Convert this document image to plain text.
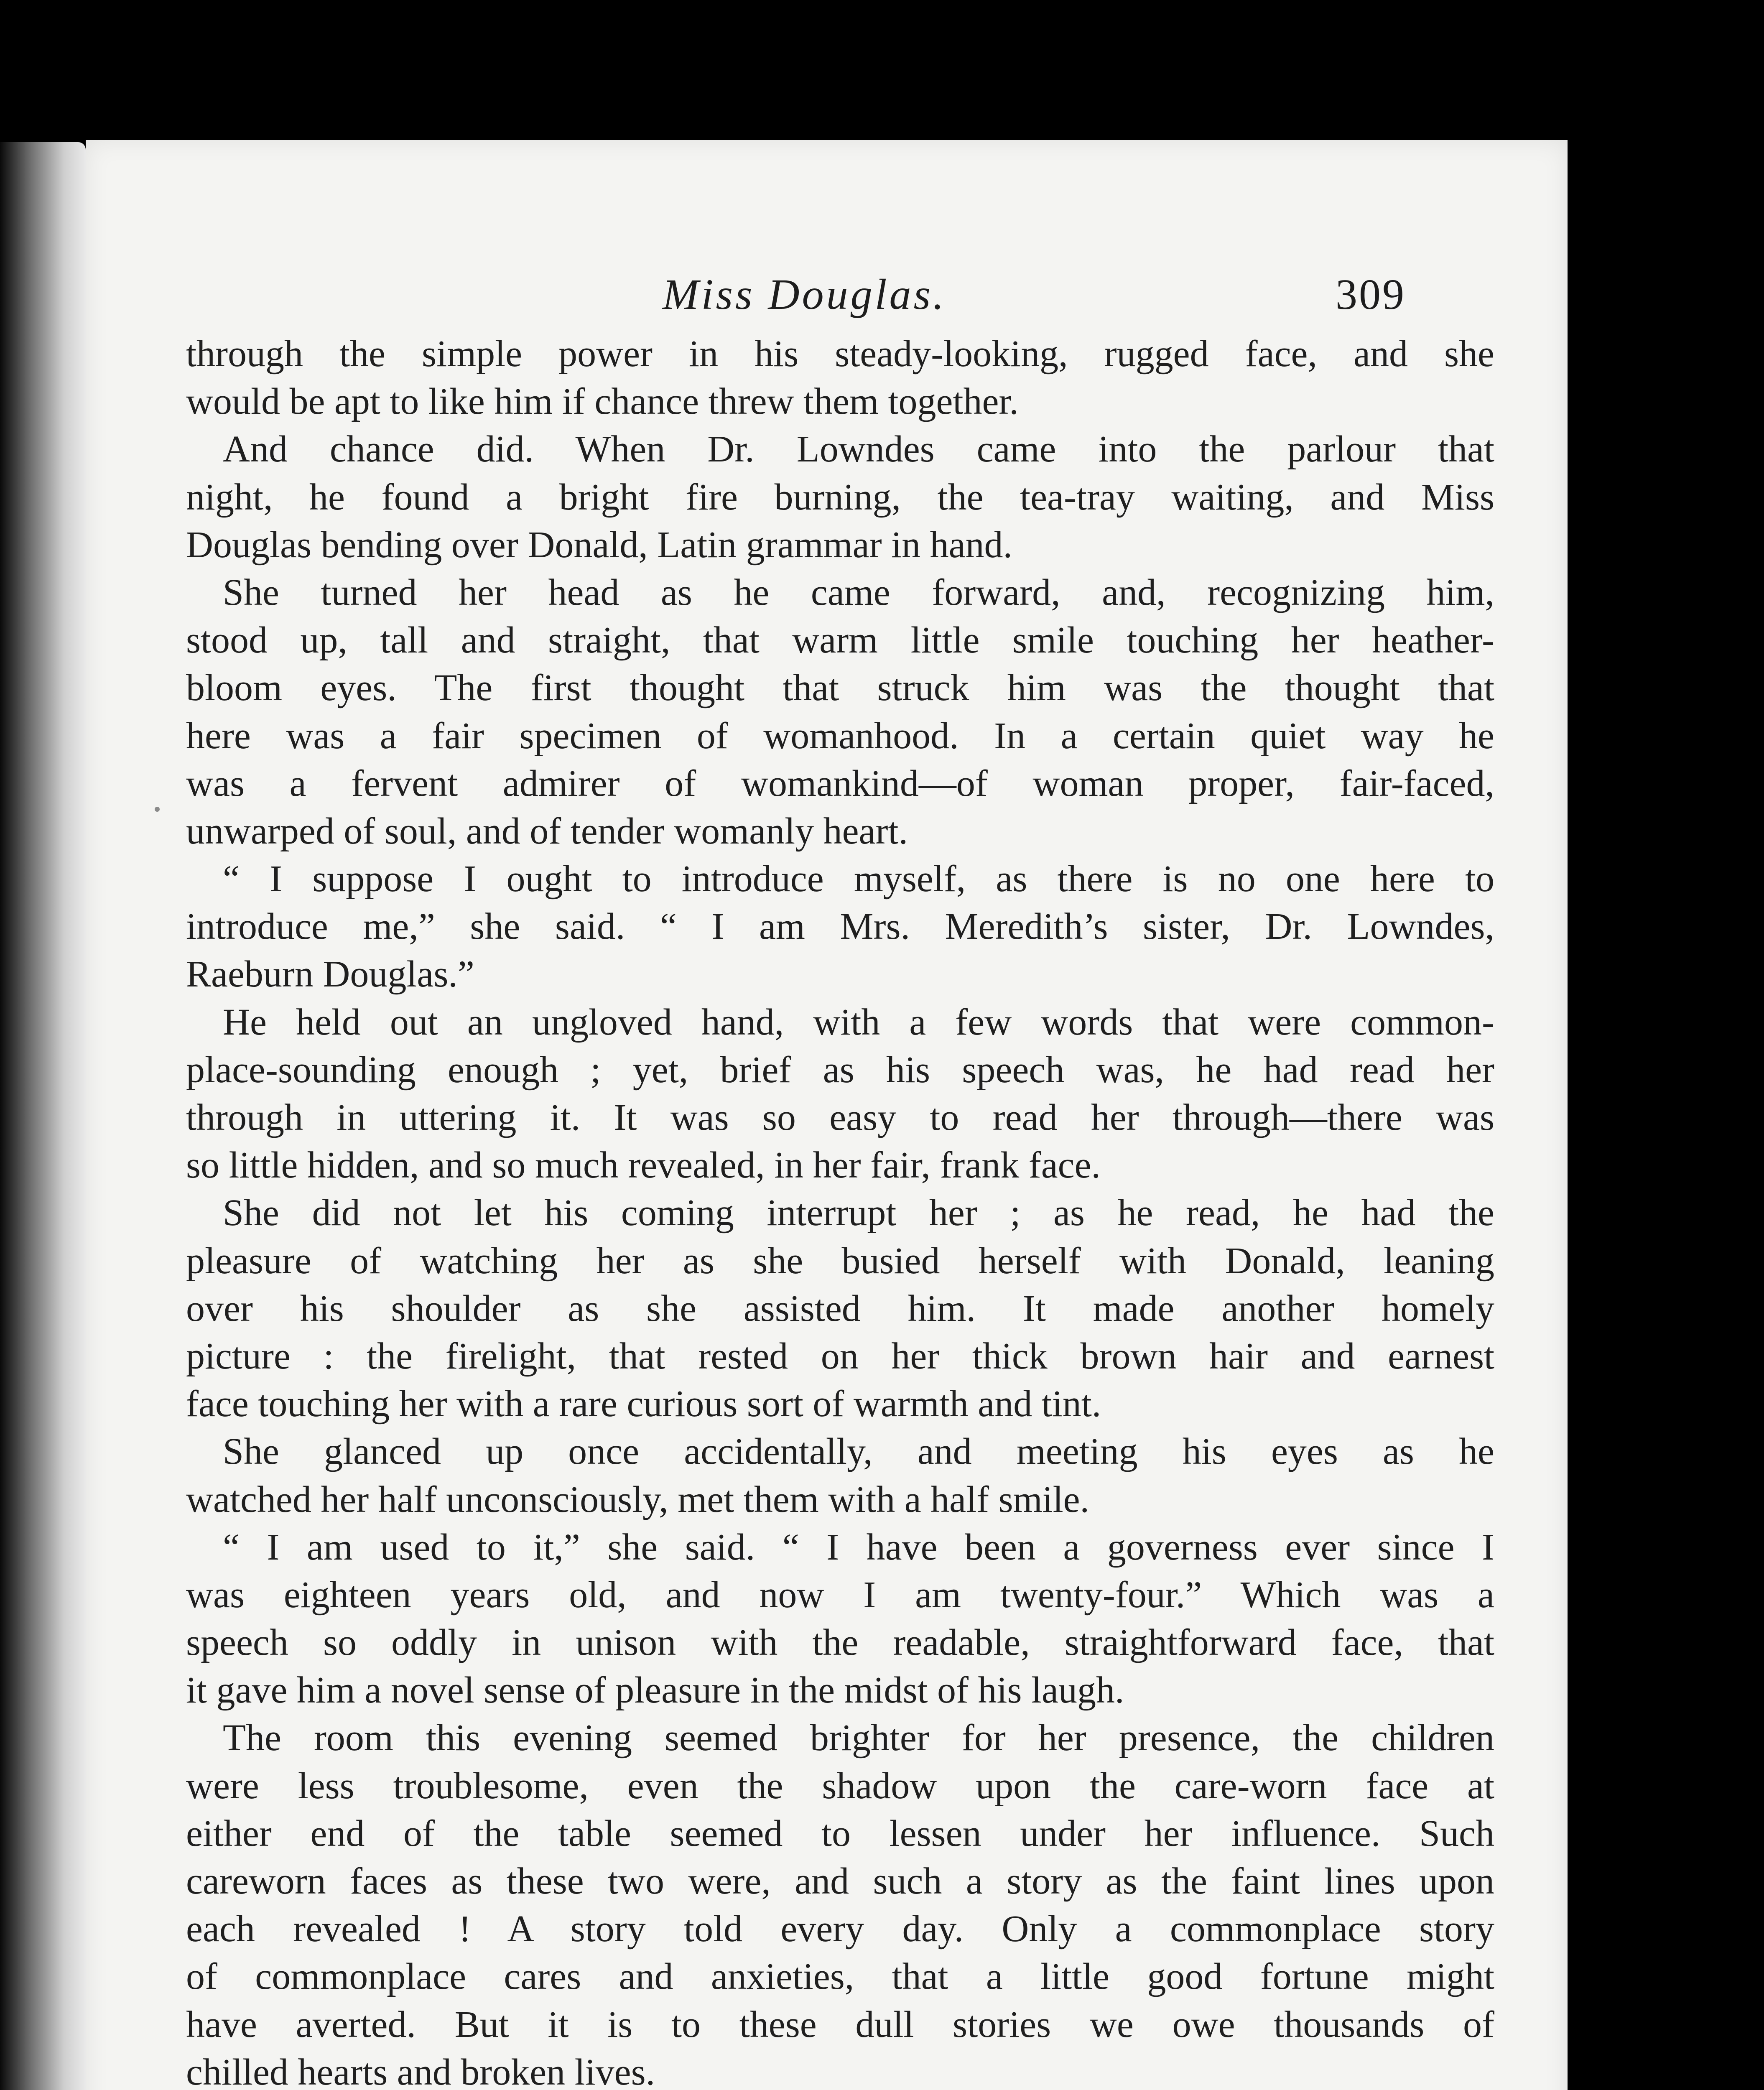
Miss Douglas.	309
through the simple power in his steady-looking, rugged face, and she
would be apt to like him if chance threw them together.
And chance did. When Dr. Lowndes came into the parlour that
night, he found a bright fire burning, the tea-tray waiting, and Miss
Douglas bending over Donald, Latin grammar in hand.
She turned her head as he came forward, and, recognizing him,
stood up, tall and straight, that warm little smile touching her heather-
bloom eyes. The first thought that struck him was the thought that
here was a fair specimen of womanhood. In a certain quiet way he
was a fervent admirer of womankind—of woman proper, fair-faced,
unwarped of soul, and of tender womanly heart.
“ I suppose I ought to introduce myself, as there is no one here to
introduce me,” she said. “ I am Mrs. Meredith’s sister, Dr. Lowndes,
Raeburn Douglas.”
He held out an ungloved hand, with a few words that were common-
place-sounding enough ; yet, brief as his speech was, he had read her
through in uttering it. It was so easy to read her through—there was
so little hidden, and so much revealed, in her fair, frank face.
She did not let his coming interrupt her ; as he read, he had the
pleasure of watching her as she busied herself with Donald, leaning
over his shoulder as she assisted him. It made another homely
picture : the firelight, that rested on her thick brown hair and earnest
face touching her with a rare curious sort of warmth and tint.
She glanced up once accidentally, and meeting his eyes as he
watched her half unconsciously, met them with a half smile.
“ I am used to it,” she said. “ I have been a governess ever since I
was eighteen years old, and now I am twenty-four.” Which was a
speech so oddly in unison with the readable, straightforward face, that
it gave him a novel sense of pleasure in the midst of his laugh.
The room this evening seemed brighter for her presence, the children
were less troublesome, even the shadow upon the care-worn face at
either end of the table seemed to lessen under her influence. Such
careworn faces as these two were, and such a story as the faint lines upon
each revealed ! A story told every day. Only a commonplace story
of commonplace cares and anxieties, that a little good fortune might
have averted. But it is to these dull stories we owe thousands of
chilled hearts and broken lives.
